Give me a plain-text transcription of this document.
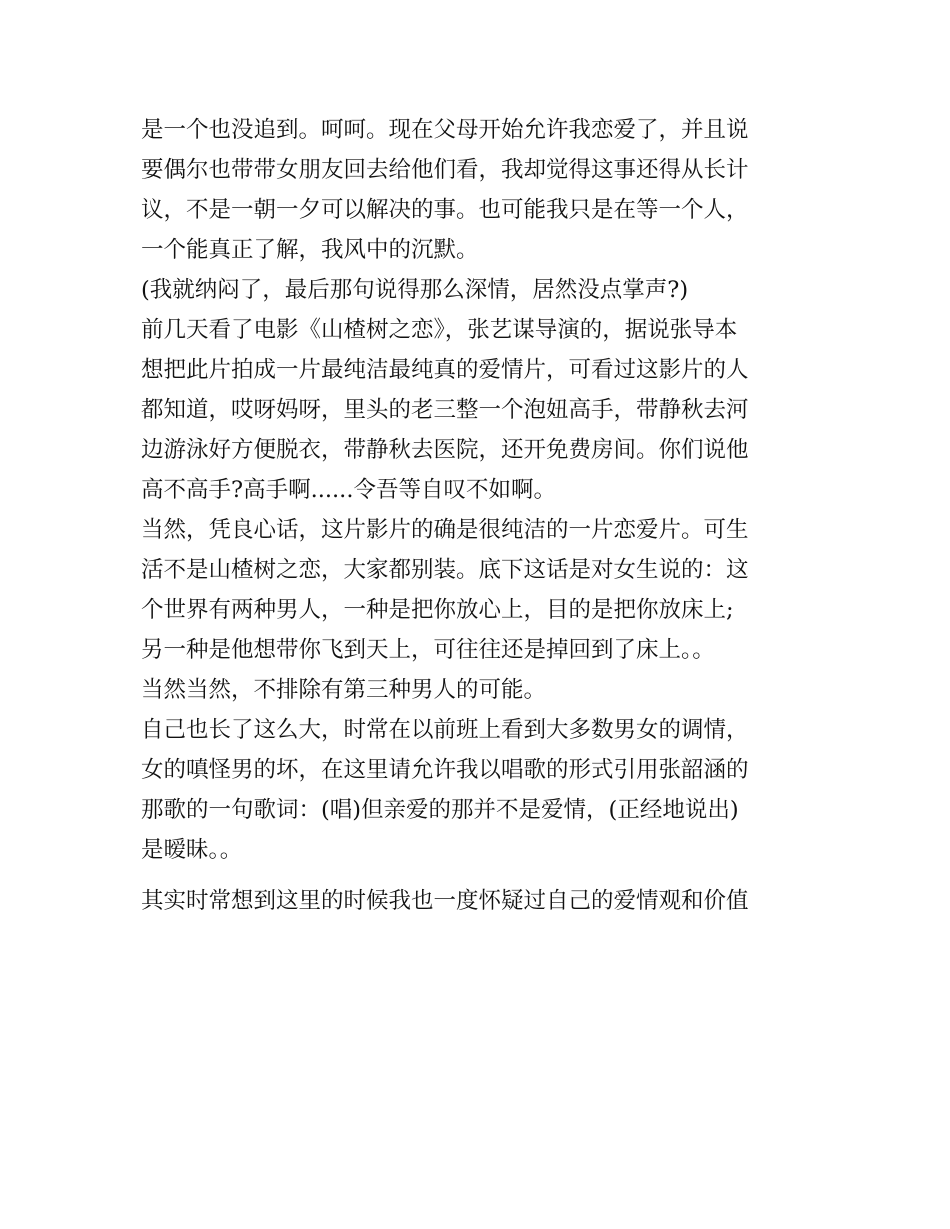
是一个也没追到。呵呵。现在父母开始允许我恋爱了，并且说
要偶尔也带带女朋友回去给他们看，我却觉得这事还得从长计
议，不是一朝一夕可以解决的事。也可能我只是在等一个人，
一个能真正了解，我风中的沉默。
(我就纳闷了，最后那句说得那么深情，居然没点掌声?)
前几天看了电影《山楂树之恋》，张艺谋导演的，据说张导本
想把此片拍成一片最纯洁最纯真的爱情片，可看过这影片的人
都知道，哎呀妈呀，里头的老三整一个泡妞高手，带静秋去河
边游泳好方便脱衣，带静秋去医院，还开免费房间。你们说他
高不高手?高手啊......令吾等自叹不如啊。
当然，凭良心话，这片影片的确是很纯洁的一片恋爱片。可生
活不是山楂树之恋，大家都别装。底下这话是对女生说的：这
个世界有两种男人，一种是把你放心上，目的是把你放床上;
另一种是他想带你飞到天上，可往往还是掉回到了床上。。
当然当然，不排除有第三种男人的可能。
自己也长了这么大，时常在以前班上看到大多数男女的调情，
女的嗔怪男的坏，在这里请允许我以唱歌的形式引用张韶涵的
那歌的一句歌词：(唱)但亲爱的那并不是爱情，(正经地说出)
是暧昧。。
其实时常想到这里的时候我也一度怀疑过自己的爱情观和价值
